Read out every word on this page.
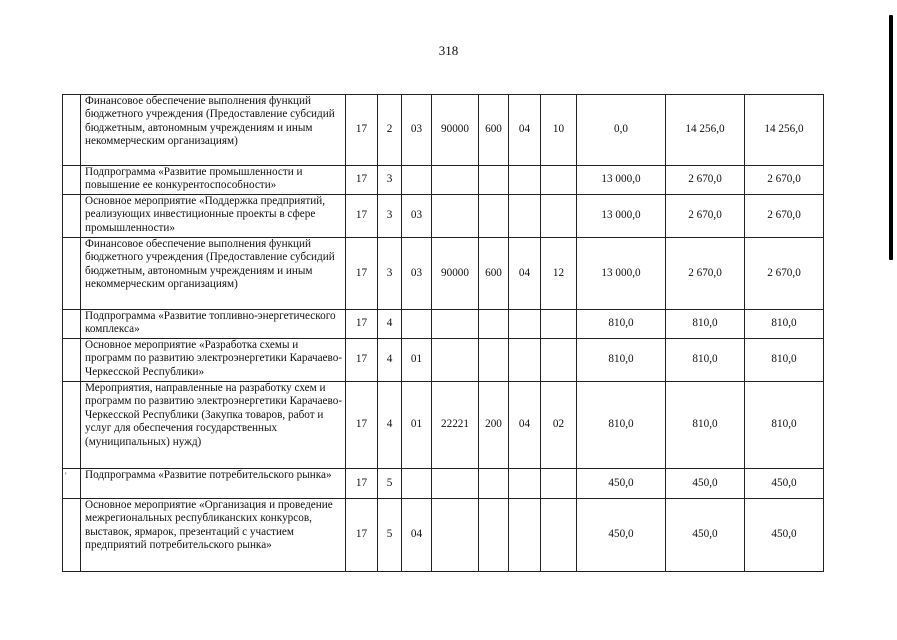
318
	Финансовое обеспечение выполнения функций бюджетного учреждения (Предоставление субсидий бюджетным, автономным учреждениям и иным некоммерческим организациям)	17	2	03	90000	600	04	10	0,0	14 256,0	14 256,0
	Подпрограмма «Развитие промышленности и повышение ее конкурентоспособности»	17	3						13 000,0	2 670,0	2 670,0
	Основное мероприятие «Поддержка предприятий, реализующих инвестиционные проекты в сфере промышленности»	17	3	03					13 000,0	2 670,0	2 670,0
	Финансовое обеспечение выполнения функций бюджетного учреждения (Предоставление субсидий бюджетным, автономным учреждениям и иным некоммерческим организациям)	17	3	03	90000	600	04	12	13 000,0	2 670,0	2 670,0
	Подпрограмма «Развитие топливно-энергетического комплекса»	17	4						810,0	810,0	810,0
	Основное мероприятие «Разработка схемы и программ по развитию электроэнергетики Карачаево-Черкесской Республики»	17	4	01					810,0	810,0	810,0
	Мероприятия, направленные на разработку схем и программ по развитию электроэнергетики Карачаево-Черкесской Республики (Закупка товаров, работ и услуг для обеспечения государственных (муниципальных) нужд)	17	4	01	22221	200	04	02	810,0	810,0	810,0
'	Подпрограмма «Развитие потребительского рынка»	17	5						450,0	450,0	450,0
	Основное мероприятие «Организация и проведение межрегиональных республиканских конкурсов, выставок, ярмарок, презентаций с участием предприятий потребительского рынка»	17	5	04					450,0	450,0	450,0
